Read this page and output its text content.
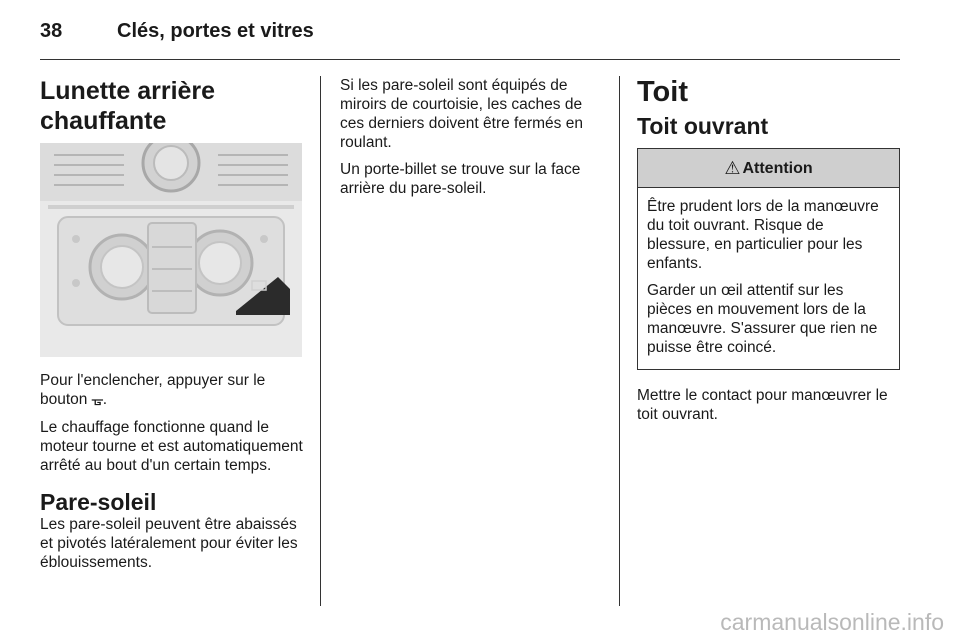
38	Clés, portes et vitres
Lunette arrière chauffante

Pour l'enclencher, appuyer sur le bouton ᚗ.

Le chauffage fonctionne quand le moteur tourne et est automatiquement arrêté au bout d'un certain temps.

Pare-soleil

Les pare-soleil peuvent être abaissés et pivotés latéralement pour éviter les éblouissements.

Si les pare-soleil sont équipés de miroirs de courtoisie, les caches de ces derniers doivent être fermés en roulant.

Un porte-billet se trouve sur la face arrière du pare-soleil.

Toit
Toit ouvrant
⚠ Attention

Être prudent lors de la manœuvre du toit ouvrant. Risque de blessure, en particulier pour les enfants.

Garder un œil attentif sur les pièces en mouvement lors de la manœuvre. S'assurer que rien ne puisse être coincé.

Mettre le contact pour manœuvrer le toit ouvrant.

carmanualsonline.info
